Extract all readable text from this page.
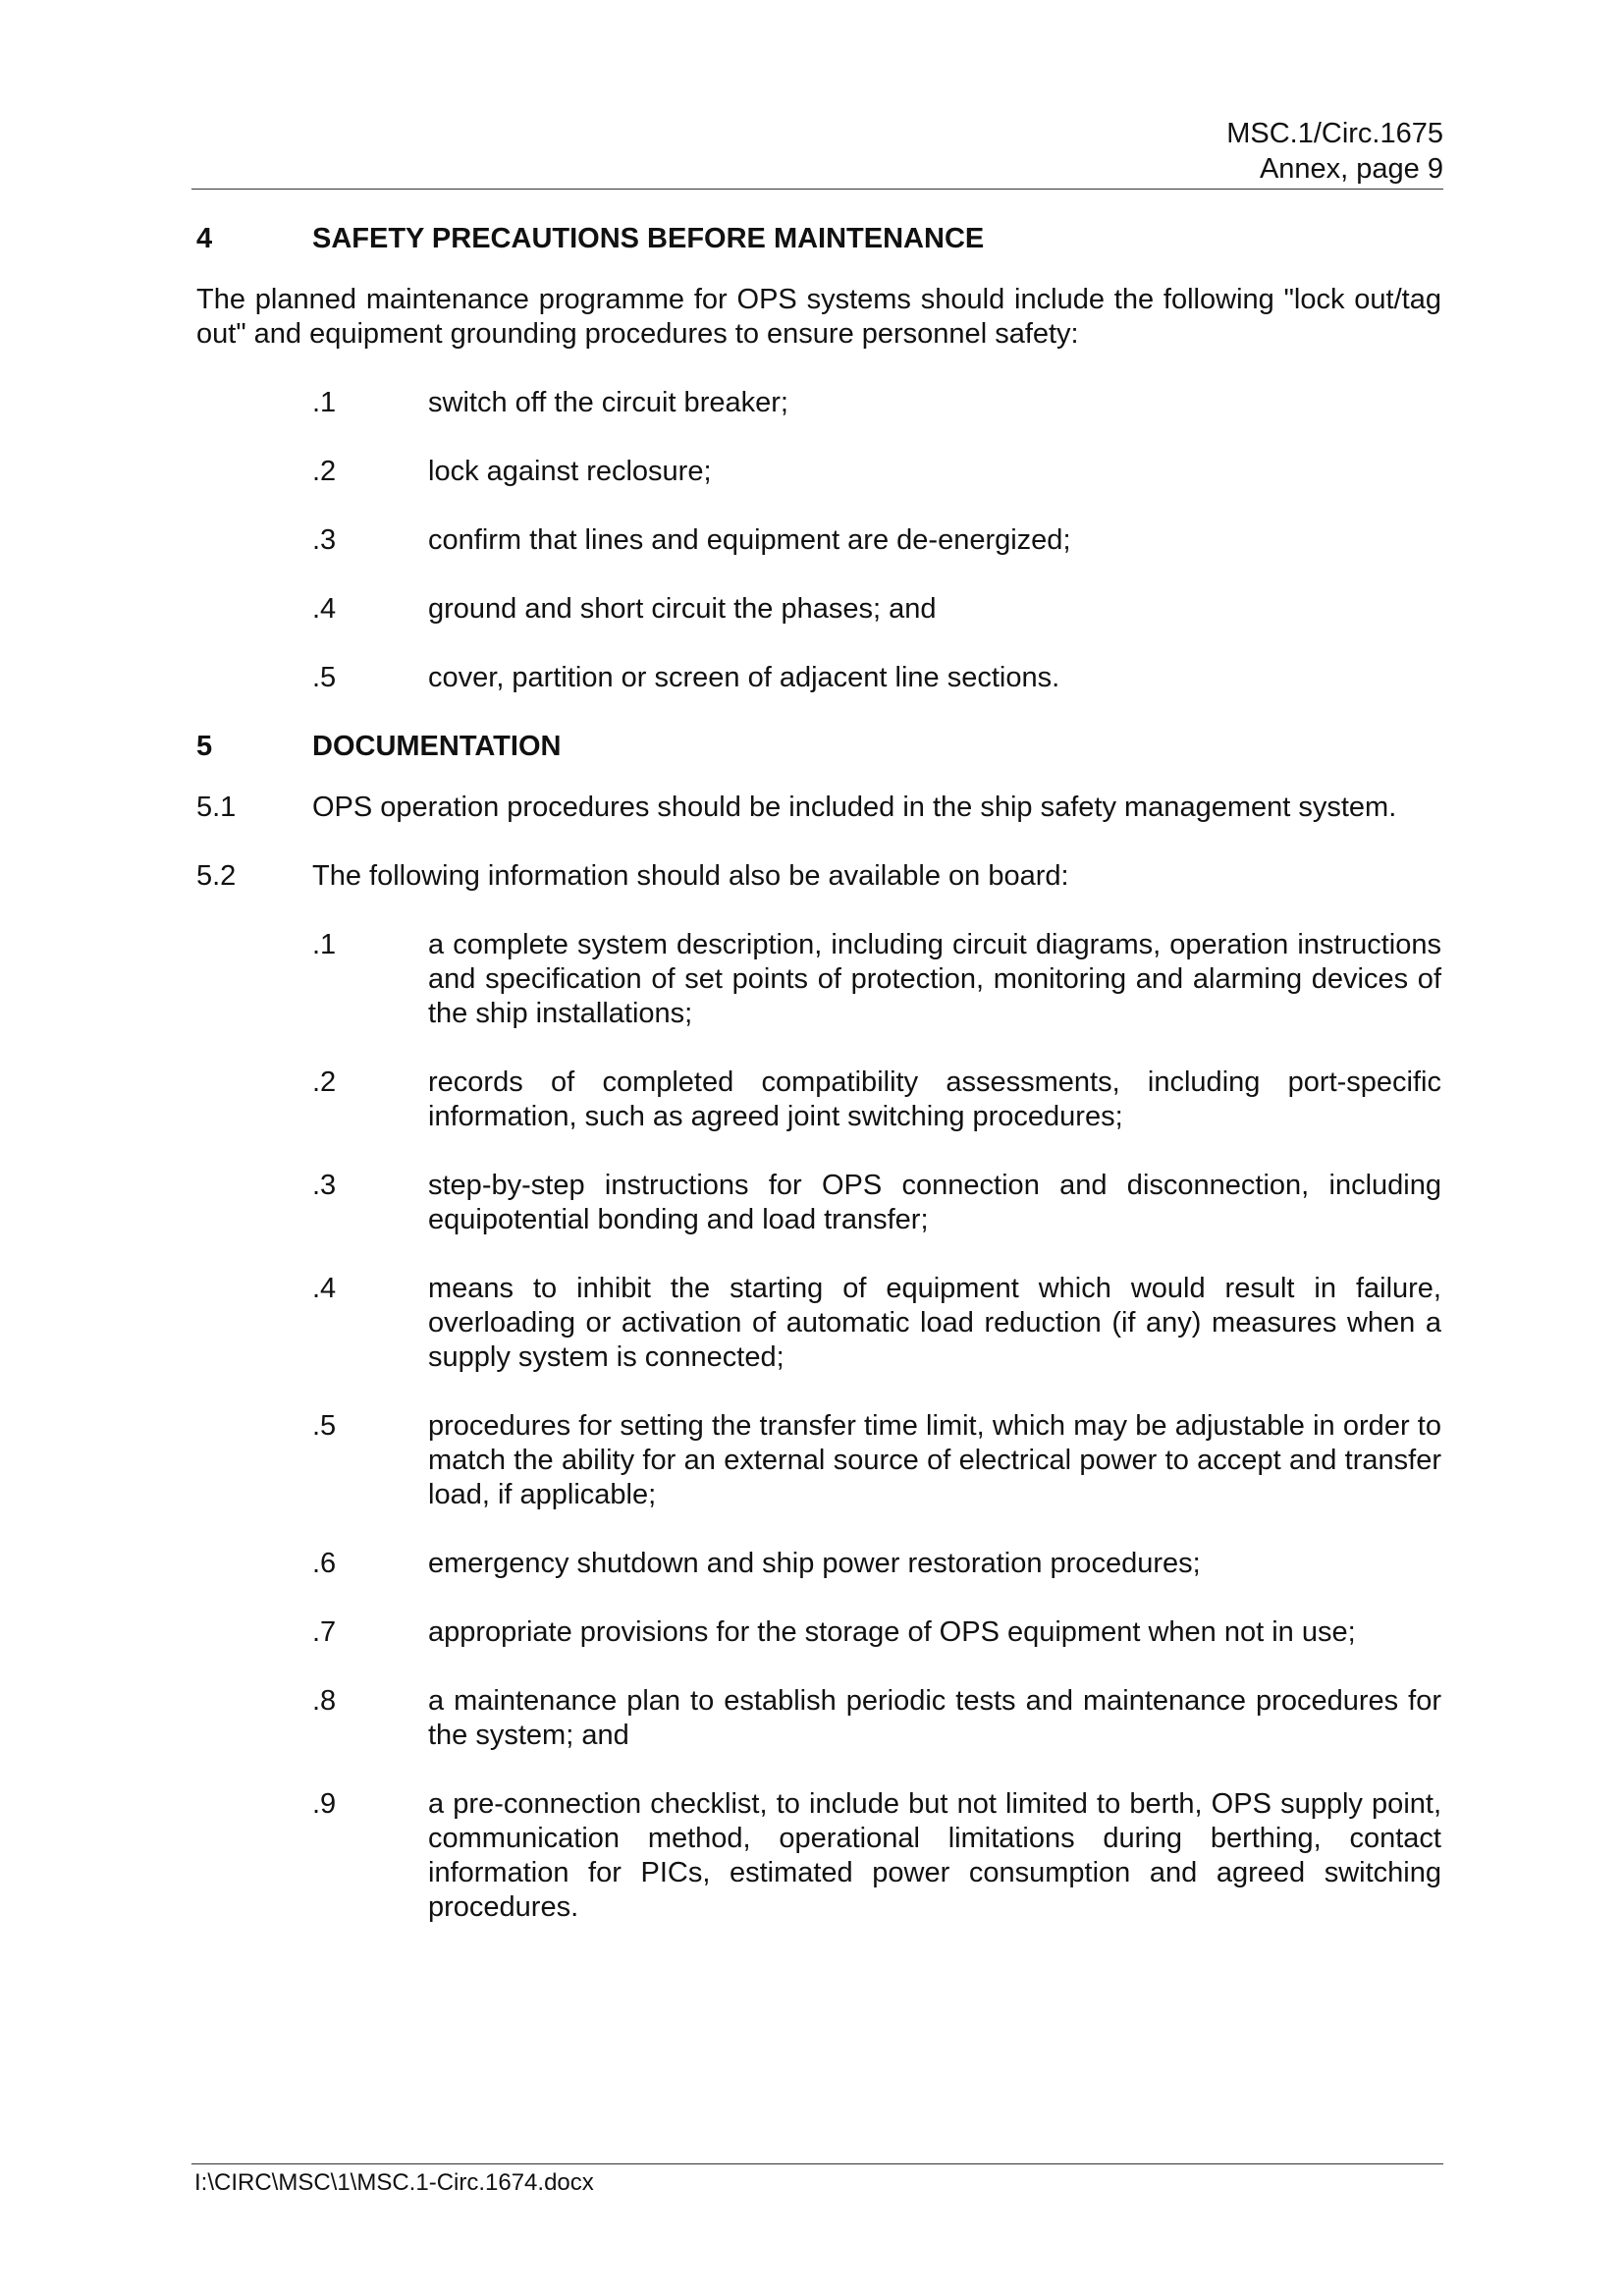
MSC.1/Circ.1675
Annex, page 9
4	SAFETY PRECAUTIONS BEFORE MAINTENANCE
The planned maintenance programme for OPS systems should include the following "lock out/tag out" and equipment grounding procedures to ensure personnel safety:
.1	switch off the circuit breaker;
.2	lock against reclosure;
.3	confirm that lines and equipment are de-energized;
.4	ground and short circuit the phases; and
.5	cover, partition or screen of adjacent line sections.
5	DOCUMENTATION
5.1	OPS operation procedures should be included in the ship safety management system.
5.2	The following information should also be available on board:
.1	a complete system description, including circuit diagrams, operation instructions and specification of set points of protection, monitoring and alarming devices of the ship installations;
.2	records of completed compatibility assessments, including port-specific information, such as agreed joint switching procedures;
.3	step-by-step instructions for OPS connection and disconnection, including equipotential bonding and load transfer;
.4	means to inhibit the starting of equipment which would result in failure, overloading or activation of automatic load reduction (if any) measures when a supply system is connected;
.5	procedures for setting the transfer time limit, which may be adjustable in order to match the ability for an external source of electrical power to accept and transfer load, if applicable;
.6	emergency shutdown and ship power restoration procedures;
.7	appropriate provisions for the storage of OPS equipment when not in use;
.8	a maintenance plan to establish periodic tests and maintenance procedures for the system; and
.9	a pre-connection checklist, to include but not limited to berth, OPS supply point, communication method, operational limitations during berthing, contact information for PICs, estimated power consumption and agreed switching procedures.
I:\CIRC\MSC\1\MSC.1-Circ.1674.docx
